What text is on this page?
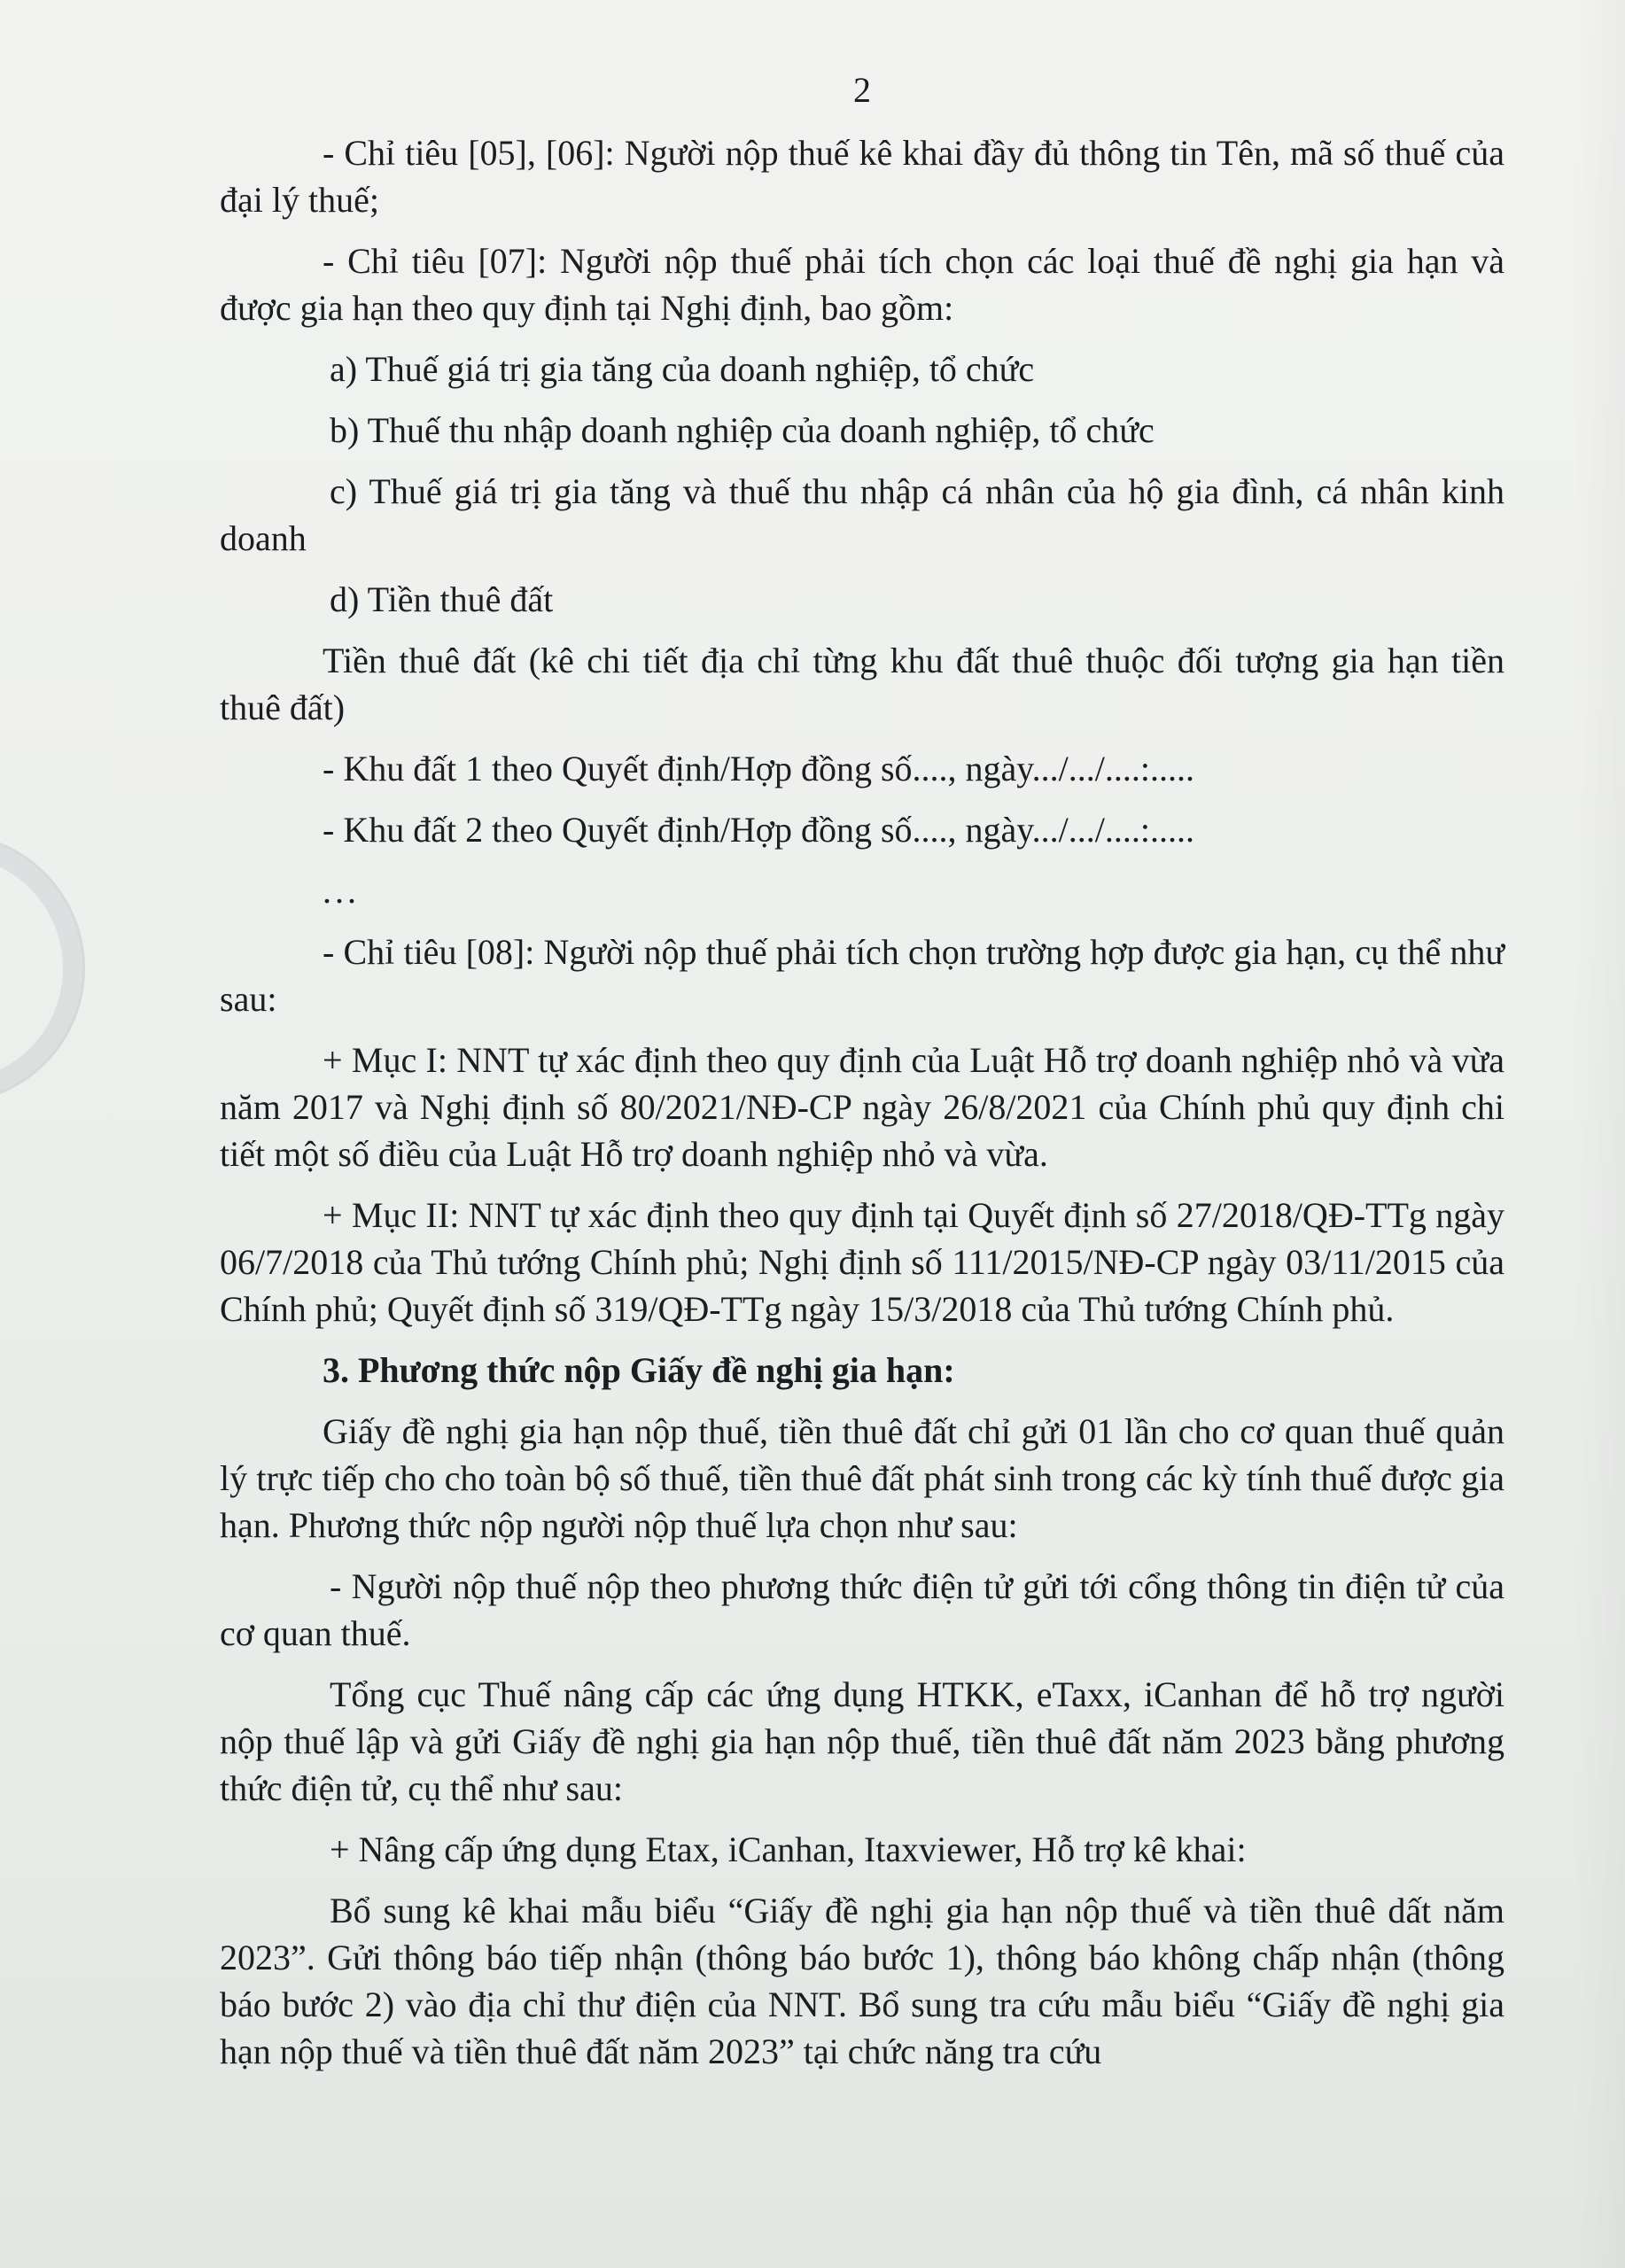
2

- Chỉ tiêu [05], [06]: Người nộp thuế kê khai đầy đủ thông tin Tên, mã số thuế của đại lý thuế;

- Chỉ tiêu [07]: Người nộp thuế phải tích chọn các loại thuế đề nghị gia hạn và được gia hạn theo quy định tại Nghị định, bao gồm:

a) Thuế giá trị gia tăng của doanh nghiệp, tổ chức

b) Thuế thu nhập doanh nghiệp của doanh nghiệp, tổ chức

c) Thuế giá trị gia tăng và thuế thu nhập cá nhân của hộ gia đình, cá nhân kinh doanh

d) Tiền thuê đất

Tiền thuê đất (kê chi tiết địa chỉ từng khu đất thuê thuộc đối tượng gia hạn tiền thuê đất)

- Khu đất 1 theo Quyết định/Hợp đồng số...., ngày.../.../....:.....

- Khu đất 2 theo Quyết định/Hợp đồng số...., ngày.../.../....:.....

...

- Chỉ tiêu [08]: Người nộp thuế phải tích chọn trường hợp được gia hạn, cụ thể như sau:

+ Mục I: NNT tự xác định theo quy định của Luật Hỗ trợ doanh nghiệp nhỏ và vừa năm 2017 và Nghị định số 80/2021/NĐ-CP ngày 26/8/2021 của Chính phủ quy định chi tiết một số điều của Luật Hỗ trợ doanh nghiệp nhỏ và vừa.

+ Mục II: NNT tự xác định theo quy định tại Quyết định số 27/2018/QĐ-TTg ngày 06/7/2018 của Thủ tướng Chính phủ; Nghị định số 111/2015/NĐ-CP ngày 03/11/2015 của Chính phủ; Quyết định số 319/QĐ-TTg ngày 15/3/2018 của Thủ tướng Chính phủ.

3. Phương thức nộp Giấy đề nghị gia hạn:

Giấy đề nghị gia hạn nộp thuế, tiền thuê đất chỉ gửi 01 lần cho cơ quan thuế quản lý trực tiếp cho cho toàn bộ số thuế, tiền thuê đất phát sinh trong các kỳ tính thuế được gia hạn. Phương thức nộp người nộp thuế lựa chọn như sau:

- Người nộp thuế nộp theo phương thức điện tử gửi tới cổng thông tin điện tử của cơ quan thuế.

Tổng cục Thuế nâng cấp các ứng dụng HTKK, eTaxx, iCanhan để hỗ trợ người nộp thuế lập và gửi Giấy đề nghị gia hạn nộp thuế, tiền thuê đất năm 2023 bằng phương thức điện tử, cụ thể như sau:

+ Nâng cấp ứng dụng Etax, iCanhan, Itaxviewer, Hỗ trợ kê khai:

Bổ sung kê khai mẫu biểu “Giấy đề nghị gia hạn nộp thuế và tiền thuê dất năm 2023”. Gửi thông báo tiếp nhận (thông báo bước 1), thông báo không chấp nhận (thông báo bước 2) vào địa chỉ thư điện của NNT. Bổ sung tra cứu mẫu biểu “Giấy đề nghị gia hạn nộp thuế và tiền thuê đất năm 2023” tại chức năng tra cứu
